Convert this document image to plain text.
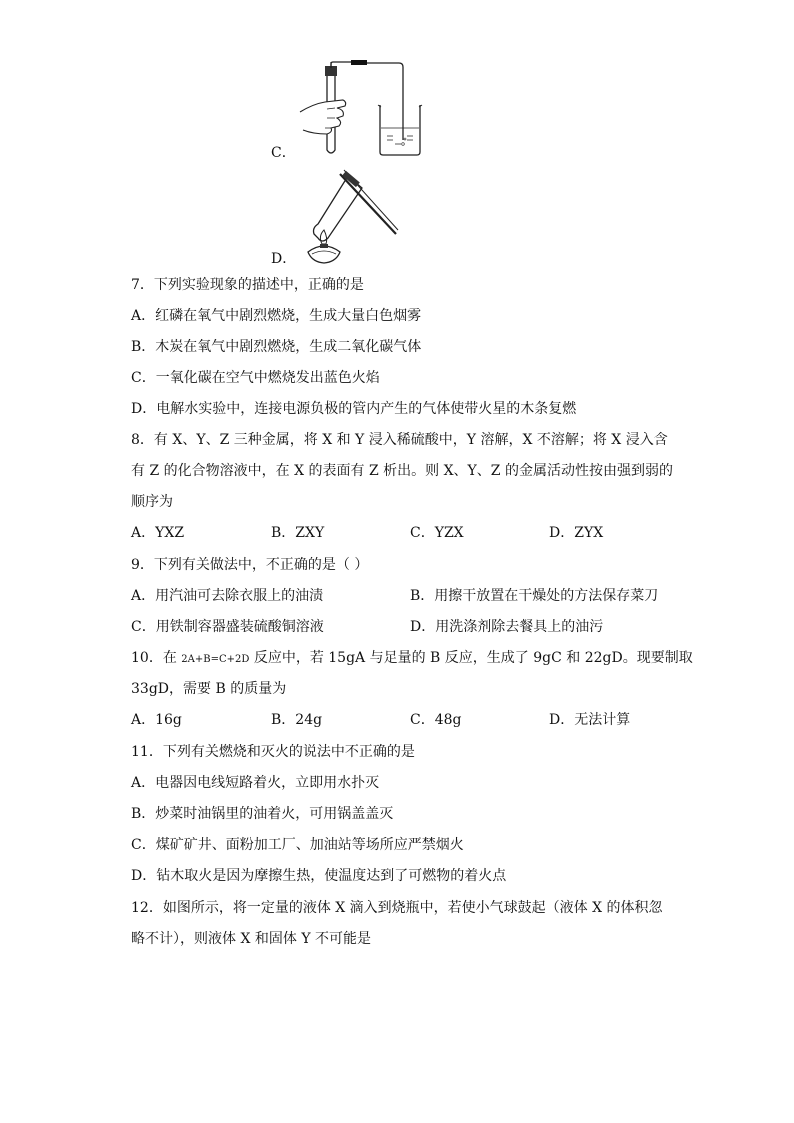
C．
D．
7．下列实验现象的描述中，正确的是
A．红磷在氧气中剧烈燃烧，生成大量白色烟雾
B．木炭在氧气中剧烈燃烧，生成二氧化碳气体
C．一氧化碳在空气中燃烧发出蓝色火焰
D．电解水实验中，连接电源负极的管内产生的气体使带火星的木条复燃
8．有 X、Y、Z 三种金属，将 X 和 Y 浸入稀硫酸中，Y 溶解，X 不溶解；将 X 浸入含
有 Z 的化合物溶液中，在 X 的表面有 Z 析出。则 X、Y、Z 的金属活动性按由强到弱的
顺序为
A．YXZ	B．ZXY	C．YZX	D．ZYX
9．下列有关做法中，不正确的是（ ）
A．用汽油可去除衣服上的油渍	B．用擦干放置在干燥处的方法保存菜刀
C．用铁制容器盛装硫酸铜溶液	D．用洗涤剂除去餐具上的油污
10．在 2A+B=C+2D 反应中，若 15gA 与足量的 B 反应，生成了 9gC 和 22gD。现要制取
33gD，需要 B 的质量为
A．16g	B．24g	C．48g	D．无法计算
11．下列有关燃烧和灭火的说法中不正确的是
A．电器因电线短路着火，立即用水扑灭
B．炒菜时油锅里的油着火，可用锅盖盖灭
C．煤矿矿井、面粉加工厂、加油站等场所应严禁烟火
D．钻木取火是因为摩擦生热，使温度达到了可燃物的着火点
12．如图所示，将一定量的液体 X 滴入到烧瓶中，若使小气球鼓起（液体 X 的体积忽
略不计），则液体 X 和固体 Y 不可能是
